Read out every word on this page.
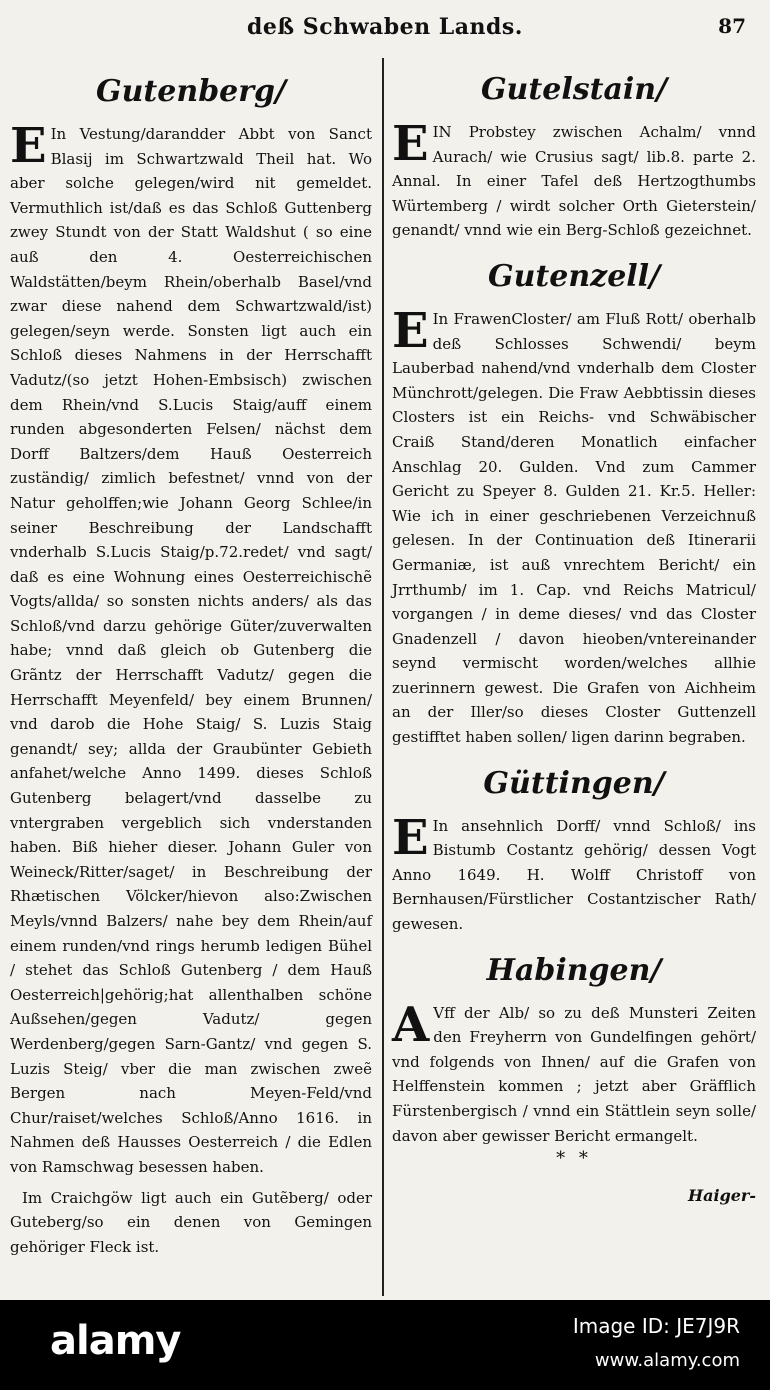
deß Schwaben Lands.	87
Gutenberg/

E In Vestung/darandder Abbt von Sanct Blasij im Schwartzwald Theil hat. Wo aber solche gelegen/wird nit gemeldet. Vermuthlich ist/daß es das Schloß Guttenberg zwey Stundt von der Statt Waldshut ( so eine auß den 4. Oesterreichischen Waldstätten/beym Rhein/oberhalb Basel/vnd zwar diese nahend dem Schwartzwald/ist) gelegen/seyn werde. Sonsten ligt auch ein Schloß dieses Nahmens in der Herrschafft Vadutz/(so jetzt Hohen-Embsisch) zwischen dem Rhein/vnd S.Lucis Staig/auff einem runden abgesonderten Felsen/ nächst dem Dorff Baltzers/dem Hauß Oesterreich zuständig/ zimlich befestnet/ vnnd von der Natur geholffen;wie Johann Georg Schlee/in seiner Beschreibung der Landschafft vnderhalb S.Lucis Staig/p.72.redet/ vnd sagt/ daß es eine Wohnung eines Oesterreichischẽ Vogts/allda/ so sonsten nichts anders/ als das Schloß/vnd darzu gehörige Güter/zuverwalten habe; vnnd daß gleich ob Gutenberg die Grãntz der Herrschafft Vadutz/ gegen die Herrschafft Meyenfeld/ bey einem Brunnen/ vnd darob die Hohe Staig/ S. Luzis Staig genandt/ sey; allda der Graubünter Gebieth anfahet/welche Anno 1499. dieses Schloß Gutenberg belagert/vnd dasselbe zu vntergraben vergeblich sich vnderstanden haben. Biß hieher dieser. Johann Guler von Weineck/Ritter/saget/ in Beschreibung der Rhætischen Völcker/hievon also:Zwischen Meyls/vnnd Balzers/ nahe bey dem Rhein/auf einem runden/vnd rings herumb ledigen Bühel / stehet das Schloß Gutenberg / dem Hauß Oesterreich|gehörig;hat allenthalben schöne Außsehen/gegen Vadutz/ gegen Werdenberg/gegen Sarn-Gantz/ vnd gegen S. Luzis Steig/ vber die man zwischen zweẽ Bergen nach Meyen-Feld/vnd Chur/raiset/welches Schloß/Anno 1616. in Nahmen deß Hausses Oesterreich / die Edlen von Ramschwag besessen haben.

Im Craichgöw ligt auch ein Gutẽberg/ oder Guteberg/so ein denen von Gemingen gehöriger Fleck ist.

Gutelstain/

E IN Probstey zwischen Achalm/ vnnd Aurach/ wie Crusius sagt/ lib.8. parte 2. Annal. In einer Tafel deß Hertzogthumbs Würtemberg / wirdt solcher Orth Gieterstein/ genandt/ vnnd wie ein Berg-Schloß gezeichnet.

Gutenzell/

E In FrawenCloster/ am Fluß Rott/ oberhalb deß Schlosses Schwendi/ beym Lauberbad nahend/vnd vnderhalb dem Closter Münchrott/gelegen. Die Fraw Aebbtissin dieses Closters ist ein Reichs- vnd Schwäbischer Craiß Stand/deren Monatlich einfacher Anschlag 20. Gulden. Vnd zum Cammer Gericht zu Speyer 8. Gulden 21. Kr.5. Heller: Wie ich in einer geschriebenen Verzeichnuß gelesen. In der Continuation deß Itinerarii Germaniæ, ist auß vnrechtem Bericht/ ein Jrrthumb/ im 1. Cap. vnd Reichs Matricul/ vorgangen / in deme dieses/ vnd das Closter Gnadenzell / davon hieoben/vntereinander seynd vermischt worden/welches allhie zuerinnern gewest. Die Grafen von Aichheim an der Iller/so dieses Closter Guttenzell gestifftet haben sollen/ ligen darinn begraben.

Güttingen/

E In ansehnlich Dorff/ vnnd Schloß/ ins Bistumb Costantz gehörig/ dessen Vogt Anno 1649. H. Wolff Christoff von Bernhausen/Fürstlicher Costantzischer Rath/ gewesen.

Habingen/

A Vff der Alb/ so zu deß Munsteri Zeiten den Freyherrn von Gundelfingen gehört/ vnd folgends von Ihnen/ auf die Grafen von Helffenstein kommen ; jetzt aber Gräfflich Fürstenbergisch / vnnd ein Stättlein seyn solle/ davon aber gewisser Bericht ermangelt.

* *
Haiger-
alamy	Image ID: JE7J9R
www.alamy.com
